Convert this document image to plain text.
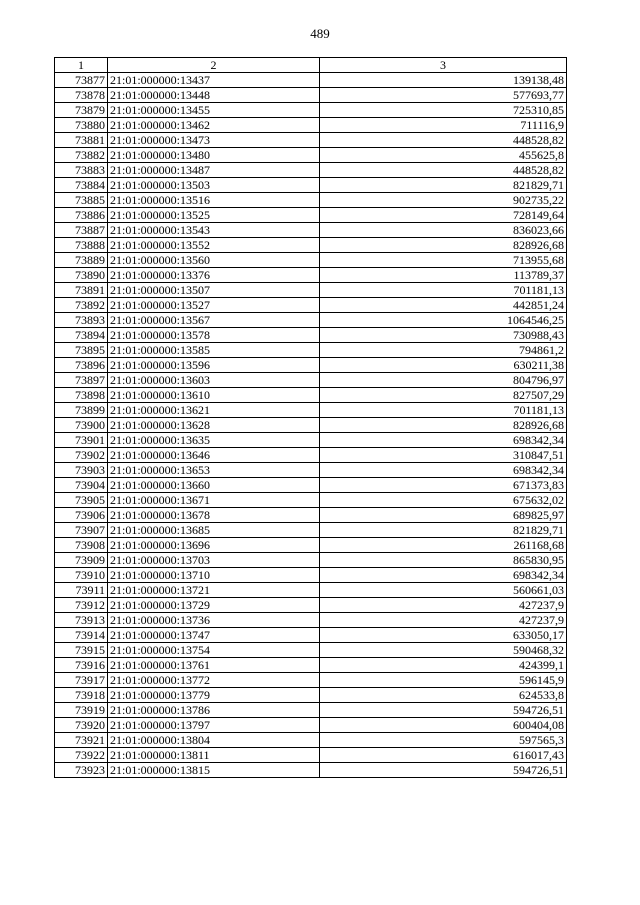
489
1	2	3
73877	21:01:000000:13437	139138,48
73878	21:01:000000:13448	577693,77
73879	21:01:000000:13455	725310,85
73880	21:01:000000:13462	711116,9
73881	21:01:000000:13473	448528,82
73882	21:01:000000:13480	455625,8
73883	21:01:000000:13487	448528,82
73884	21:01:000000:13503	821829,71
73885	21:01:000000:13516	902735,22
73886	21:01:000000:13525	728149,64
73887	21:01:000000:13543	836023,66
73888	21:01:000000:13552	828926,68
73889	21:01:000000:13560	713955,68
73890	21:01:000000:13376	113789,37
73891	21:01:000000:13507	701181,13
73892	21:01:000000:13527	442851,24
73893	21:01:000000:13567	1064546,25
73894	21:01:000000:13578	730988,43
73895	21:01:000000:13585	794861,2
73896	21:01:000000:13596	630211,38
73897	21:01:000000:13603	804796,97
73898	21:01:000000:13610	827507,29
73899	21:01:000000:13621	701181,13
73900	21:01:000000:13628	828926,68
73901	21:01:000000:13635	698342,34
73902	21:01:000000:13646	310847,51
73903	21:01:000000:13653	698342,34
73904	21:01:000000:13660	671373,83
73905	21:01:000000:13671	675632,02
73906	21:01:000000:13678	689825,97
73907	21:01:000000:13685	821829,71
73908	21:01:000000:13696	261168,68
73909	21:01:000000:13703	865830,95
73910	21:01:000000:13710	698342,34
73911	21:01:000000:13721	560661,03
73912	21:01:000000:13729	427237,9
73913	21:01:000000:13736	427237,9
73914	21:01:000000:13747	633050,17
73915	21:01:000000:13754	590468,32
73916	21:01:000000:13761	424399,1
73917	21:01:000000:13772	596145,9
73918	21:01:000000:13779	624533,8
73919	21:01:000000:13786	594726,51
73920	21:01:000000:13797	600404,08
73921	21:01:000000:13804	597565,3
73922	21:01:000000:13811	616017,43
73923	21:01:000000:13815	594726,51
